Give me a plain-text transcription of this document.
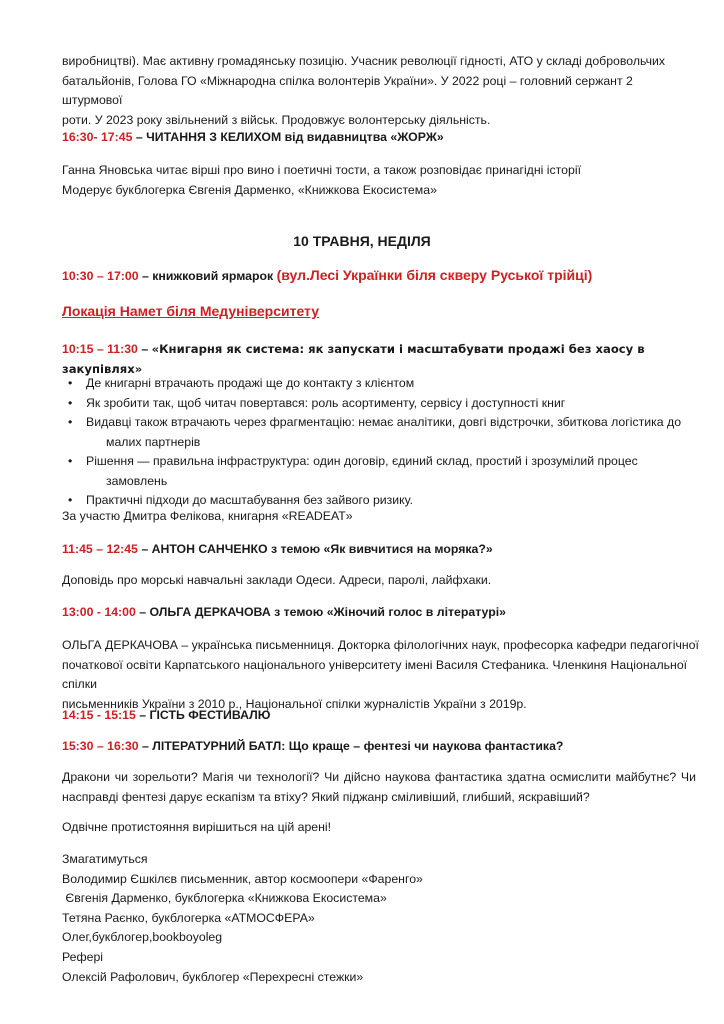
виробництві). Має активну громадянську позицію. Учасник революції гідності, АТО у складі добровольчих
батальйонів, Голова ГО «Міжнародна спілка волонтерів України». У 2022 році – головний сержант 2 штурмової
роти. У 2023 року звільнений з військ. Продовжує волонтерську діяльність.

16:30- 17:45 – ЧИТАННЯ З КЕЛИХОМ від видавництва «ЖОРЖ»

Ганна Яновська читає вірші про вино і поетичні тости, а також розповідає принагідні історії
Модерує букблогерка Євгенія Дарменко, «Книжкова Екосистема»

10 ТРАВНЯ, НЕДІЛЯ

10:30 – 17:00 – книжковий ярмарок (вул.Лесі Українки біля скверу Руської трійці)

Локація Намет біля Медуніверситету

10:15 – 11:30 – «Книгарня як система: як запускати і масштабувати продажі без хаосу в закупівлях»

• Де книгарні втрачають продажі ще до контакту з клієнтом
• Як зробити так, щоб читач повертався: роль асортименту, сервісу і доступності книг
• Видавці також втрачають через фрагментацію: немає аналітики, довгі відстрочки, збиткова логістика до
малих партнерів
• Рішення — правильна інфраструктура: один договір, єдиний склад, простий і зрозумілий процес
замовлень
• Практичні підходи до масштабування без зайвого ризику.

За участю Дмитра Фелікова, книгарня «READEAT»

11:45 – 12:45 – АНТОН САНЧЕНКО з темою «Як вивчитися на моряка?»

Доповідь про морські навчальні заклади Одеси. Адреси, паролі, лайфхаки.

13:00 - 14:00 – ОЛЬГА ДЕРКАЧОВА з темою «Жіночий голос в літературі»

ОЛЬГА ДЕРКАЧОВА – українська письменниця. Докторка філологічних наук, професорка кафедри педагогічної
початкової освіти Карпатського національного університету імені Василя Стефаника. Членкиня Національної спілки
письменників України з 2010 р., Національної спілки журналістів України з 2019р.

14:15 - 15:15 – ГІСТЬ ФЕСТИВАЛЮ

15:30 – 16:30 – ЛІТЕРАТУРНИЙ БАТЛ: Що краще – фентезі чи наукова фантастика?

Дракони чи зорельоти? Магія чи технології? Чи дійсно наукова фантастика здатна осмислити майбутнє? Чи
насправді фентезі дарує ескапізм та втіху? Який піджанр сміливіший, глибший, яскравіший?

Одвічне протистояння вирішиться на цій арені!

Змагатимуться
Володимир Єшкілєв письменник, автор космоопери «Фаренго»
Євгенія Дарменко, букблогерка «Книжкова Екосистема»
Тетяна Раєнко, букблогерка «АТМОСФЕРА»
Олег,букблогер,bookboyoleg

Рефері
Олексій Рафолович, букблогер «Перехресні стежки»
